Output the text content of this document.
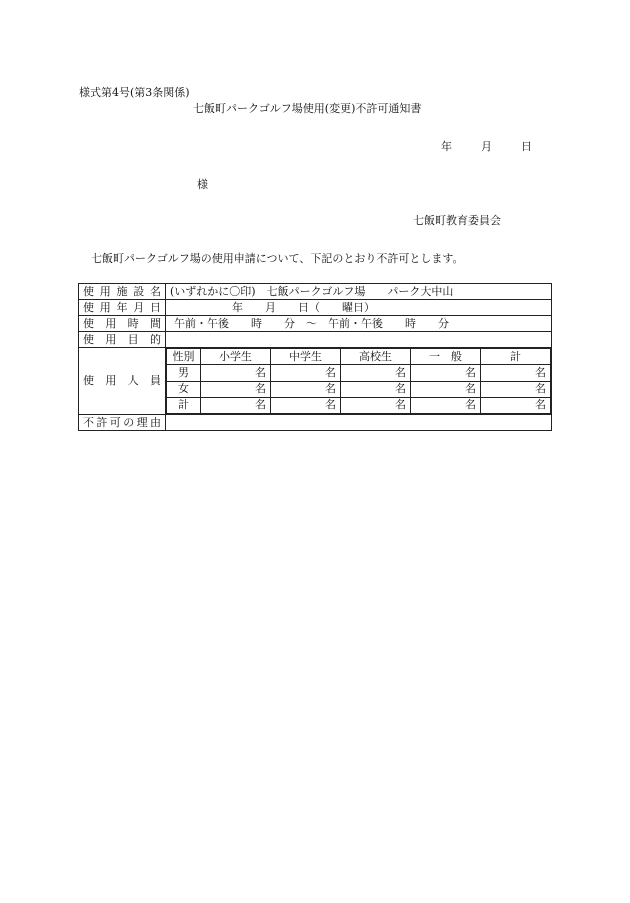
様式第4号(第3条関係)
七飯町パークゴルフ場使用(変更)不許可通知書
年	月	日
様
七飯町教育委員会
七飯町パークゴルフ場の使用申請について、下記のとおり不許可とします。
使用施設名	(いずれかに〇印)　七飯パークゴルフ場　　パーク大中山
使用年月日	年　　月　　日（　　曜日）
使用時間	午前・午後　　時　　分　～　午前・午後　　時　　分
使用目的	
使用人員	
性別	小学生	中学生	高校生	一　般	計
男	名	名	名	名	名
女	名	名	名	名	名
計	名	名	名	名	名

不許可の理由	
